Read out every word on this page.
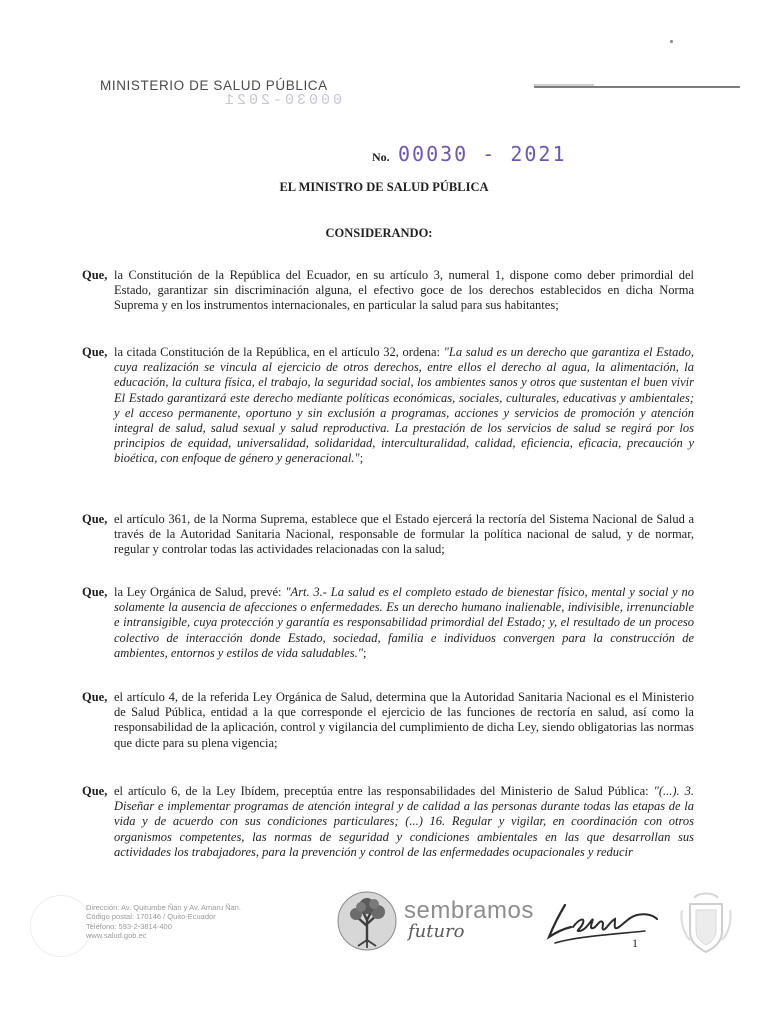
MINISTERIO DE SALUD PÚBLICA
00030-2021
No. 00030 - 2021
EL MINISTRO DE SALUD PÚBLICA
CONSIDERANDO:
Que, la Constitución de la República del Ecuador, en su artículo 3, numeral 1, dispone como deber primordial del Estado, garantizar sin discriminación alguna, el efectivo goce de los derechos establecidos en dicha Norma Suprema y en los instrumentos internacionales, en particular la salud para sus habitantes;
Que, la citada Constitución de la República, en el artículo 32, ordena: "La salud es un derecho que garantiza el Estado, cuya realización se vincula al ejercicio de otros derechos, entre ellos el derecho al agua, la alimentación, la educación, la cultura física, el trabajo, la seguridad social, los ambientes sanos y otros que sustentan el buen vivir El Estado garantizará este derecho mediante políticas económicas, sociales, culturales, educativas y ambientales; y el acceso permanente, oportuno y sin exclusión a programas, acciones y servicios de promoción y atención integral de salud, salud sexual y salud reproductiva. La prestación de los servicios de salud se regirá por los principios de equidad, universalidad, solidaridad, interculturalidad, calidad, eficiencia, eficacia, precaución y bioética, con enfoque de género y generacional.";
Que, el artículo 361, de la Norma Suprema, establece que el Estado ejercerá la rectoría del Sistema Nacional de Salud a través de la Autoridad Sanitaria Nacional, responsable de formular la política nacional de salud, y de normar, regular y controlar todas las actividades relacionadas con la salud;
Que, la Ley Orgánica de Salud, prevé: "Art. 3.- La salud es el completo estado de bienestar físico, mental y social y no solamente la ausencia de afecciones o enfermedades. Es un derecho humano inalienable, indivisible, irrenunciable e intransigible, cuya protección y garantía es responsabilidad primordial del Estado; y, el resultado de un proceso colectivo de interacción donde Estado, sociedad, familia e individuos convergen para la construcción de ambientes, entornos y estilos de vida saludables.";
Que, el artículo 4, de la referida Ley Orgánica de Salud, determina que la Autoridad Sanitaria Nacional es el Ministerio de Salud Pública, entidad a la que corresponde el ejercicio de las funciones de rectoría en salud, así como la responsabilidad de la aplicación, control y vigilancia del cumplimiento de dicha Ley, siendo obligatorias las normas que dicte para su plena vigencia;
Que, el artículo 6, de la Ley Ibídem, preceptúa entre las responsabilidades del Ministerio de Salud Pública: "(...). 3. Diseñar e implementar programas de atención integral y de calidad a las personas durante todas las etapas de la vida y de acuerdo con sus condiciones particulares; (...) 16. Regular y vigilar, en coordinación con otros organismos competentes, las normas de seguridad y condiciones ambientales en las que desarrollan sus actividades los trabajadores, para la prevención y control de las enfermedades ocupacionales y reducir
Dirección: Av. Quitumbe Ñan y Av. Amaru Ñan.
Código postal: 170146 / Quito-Ecuador
Teléfono: 593-2-3814-400
www.salud.gob.ec
sembramos
futuro
1
